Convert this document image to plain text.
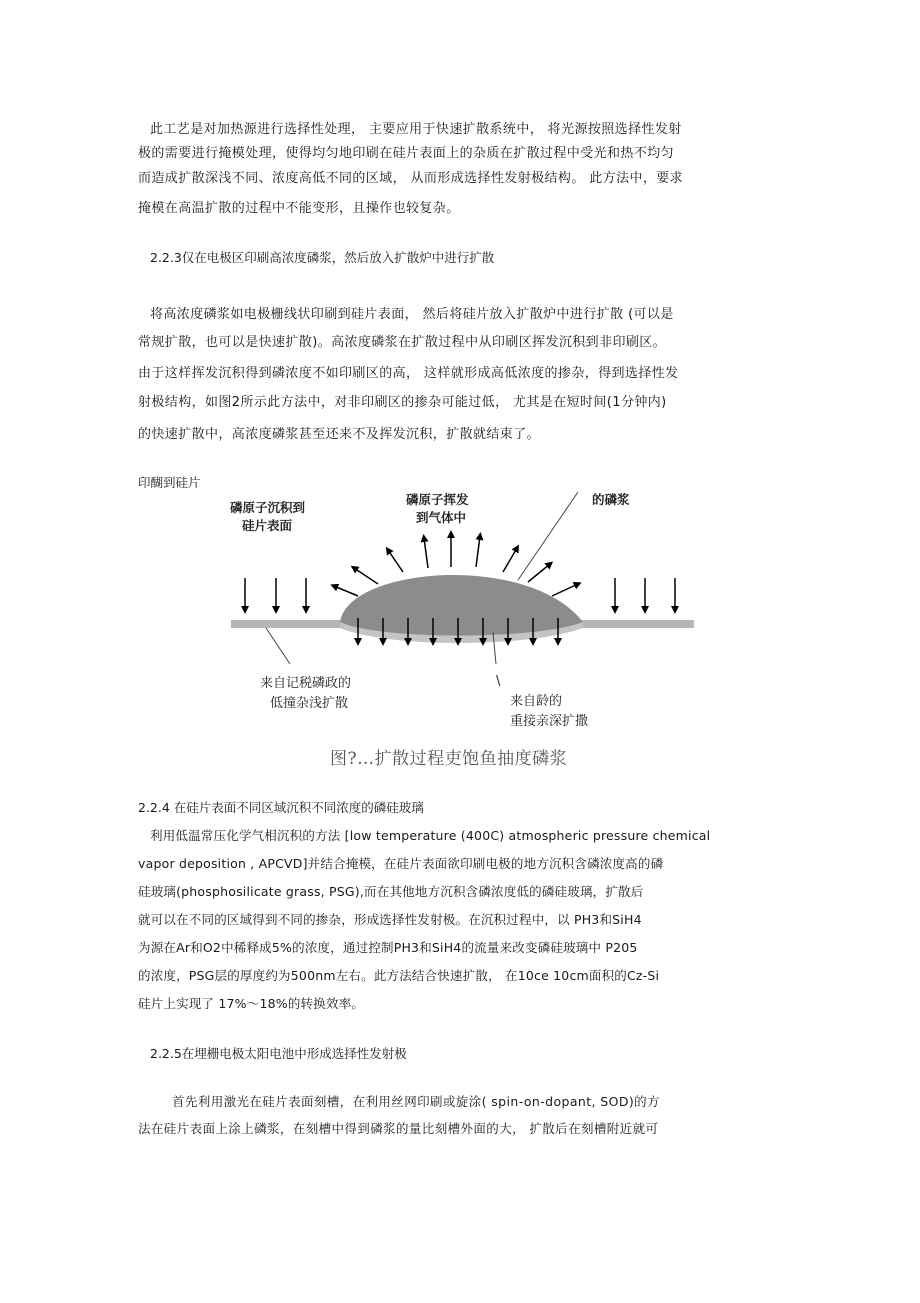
此工艺是对加热源进行选择性处理， 主要应用于快速扩散系统中， 将光源按照选择性发射
极的需要进行掩模处理，使得均匀地印刷在硅片表面上的杂质在扩散过程中受光和热不均匀
而造成扩散深浅不同、浓度高低不同的区域， 从而形成选择性发射极结构。 此方法中，要求
掩模在高温扩散的过程中不能变形，且操作也较复杂。
2.2.3仅在电极区印刷高浓度磷浆，然后放入扩散炉中进行扩散
将高浓度磷浆如电极栅线状印刷到硅片表面， 然后将硅片放入扩散炉中进行扩散 (可以是
常规扩散，也可以是快速扩散)。高浓度磷浆在扩散过程中从印刷区挥发沉积到非印刷区。
由于这样挥发沉积得到磷浓度不如印刷区的高， 这样就形成高低浓度的掺杂，得到选择性发
射极结构，如图2所示此方法中，对非印刷区的掺杂可能过低， 尤其是在短时间(1分钟内)
的快速扩散中，高浓度磷浆甚至还来不及挥发沉积，扩散就结束了。
印醐到硅片
磷原子沉积到
硅片表面
磷原子挥发
到气体中
的磷浆
来自记税磷政的
低撞杂浅扩散
\
来自龄的
重接亲深扩撒
图?…扩散过程吏饱鱼抽度磷浆
2.2.4 在硅片表面不同区域沉积不同浓度的磷硅玻璃
利用低温常压化学气相沉积的方法 [low temperature (400C) atmospheric pressure chemical
vapor deposition , APCVD]并结合掩模，在硅片表面欲印刷电极的地方沉积含磷浓度高的磷
硅玻璃(phosphosilicate grass, PSG),而在其他地方沉积含磷浓度低的磷硅玻璃，扩散后
就可以在不同的区域得到不同的掺杂，形成选择性发射极。在沉积过程中，以 PH3和SiH4
为源在Ar和O2中稀释成5%的浓度，通过控制PH3和SiH4的流量来改变磷硅玻璃中 P205
的浓度，PSG层的厚度约为500nm左右。此方法结合快速扩散， 在10ce 10cm面积的Cz-Si
硅片上实现了 17%～18%的转换效率。
2.2.5在埋栅电极太阳电池中形成选择性发射极
首先利用激光在硅片表面刻槽，在利用丝网印刷或旋涂( spin-on-dopant, SOD)的方
法在硅片表面上涂上磷浆，在刻槽中得到磷浆的量比刻槽外面的大， 扩散后在刻槽附近就可
